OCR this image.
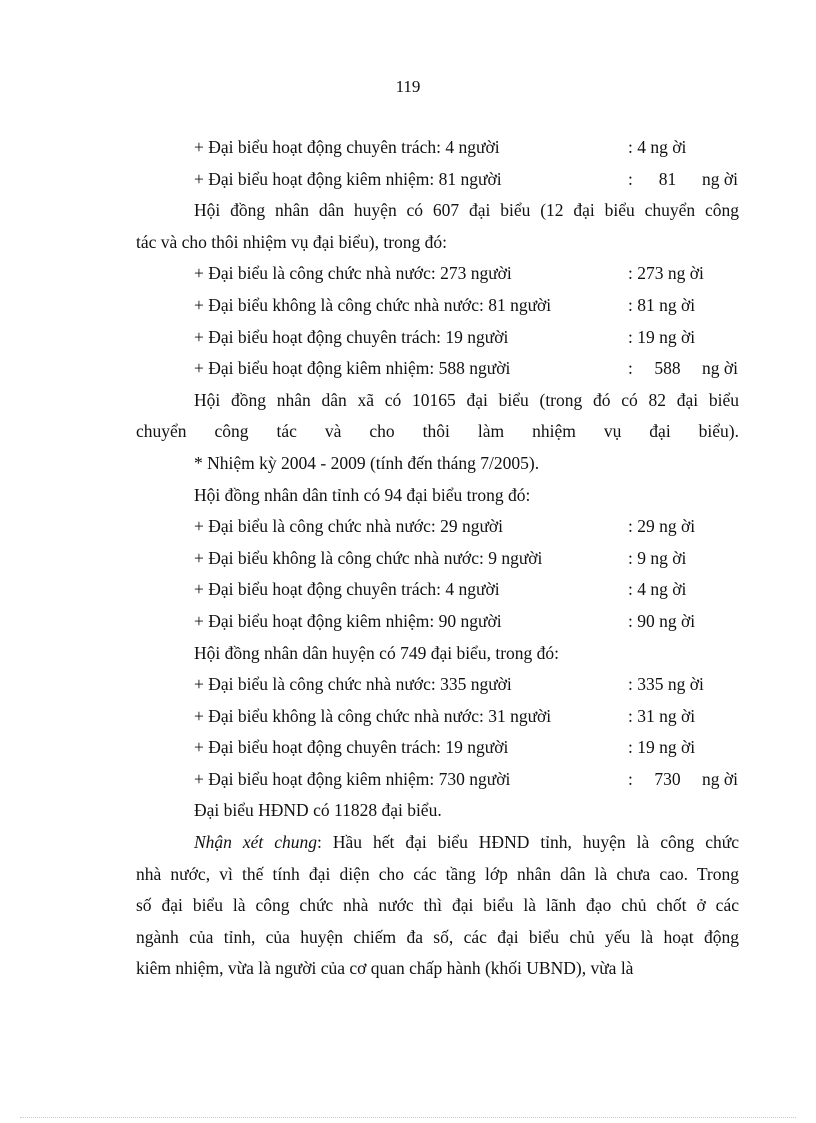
119
+ Đại biểu hoạt động chuyên trách: 4 người	: 4 ng ời
+ Đại biểu hoạt động kiêm nhiệm: 81 người	:	81	ng ời
Hội đồng nhân dân huyện có 607 đại biểu (12 đại biểu chuyển công
tác và cho thôi nhiệm vụ đại biểu), trong đó:
+ Đại biểu là công chức nhà nước: 273 người	: 273 ng ời
+ Đại biểu không là công chức nhà nước: 81 người	: 81 ng ời
+ Đại biểu hoạt động chuyên trách: 19 người	: 19 ng ời
+ Đại biểu hoạt động kiêm nhiệm: 588 người	:	588	ng ời
Hội đồng nhân dân xã có 10165 đại biểu (trong đó có 82 đại biểu
chuyển công tác và cho thôi làm nhiệm vụ đại biểu).
* Nhiệm kỳ 2004 - 2009 (tính đến tháng 7/2005).
Hội đồng nhân dân tỉnh có 94 đại biểu trong đó:
+ Đại biểu là công chức nhà nước: 29 người	: 29 ng ời
+ Đại biểu không là công chức nhà nước: 9 người	: 9 ng ời
+ Đại biểu hoạt động chuyên trách: 4 người	: 4 ng ời
+ Đại biểu hoạt động kiêm nhiệm: 90 người	: 90 ng ời
Hội đồng nhân dân huyện có 749 đại biểu, trong đó:
+ Đại biểu là công chức nhà nước: 335 người	: 335 ng ời
+ Đại biểu không là công chức nhà nước: 31 người	: 31 ng ời
+ Đại biểu hoạt động chuyên trách: 19 người	: 19 ng ời
+ Đại biểu hoạt động kiêm nhiệm: 730 người	:	730	ng ời
Đại biểu HĐND có 11828 đại biểu.
Nhận xét chung: Hầu hết đại biểu HĐND tỉnh, huyện là công chức
nhà nước, vì thế tính đại diện cho các tầng lớp nhân dân là chưa cao. Trong
số đại biểu là công chức nhà nước thì đại biểu là lãnh đạo chủ chốt ở các
ngành của tỉnh, của huyện chiếm đa số, các đại biểu chủ yếu là hoạt động
kiêm nhiệm, vừa là người của cơ quan chấp hành (khối UBND), vừa là
